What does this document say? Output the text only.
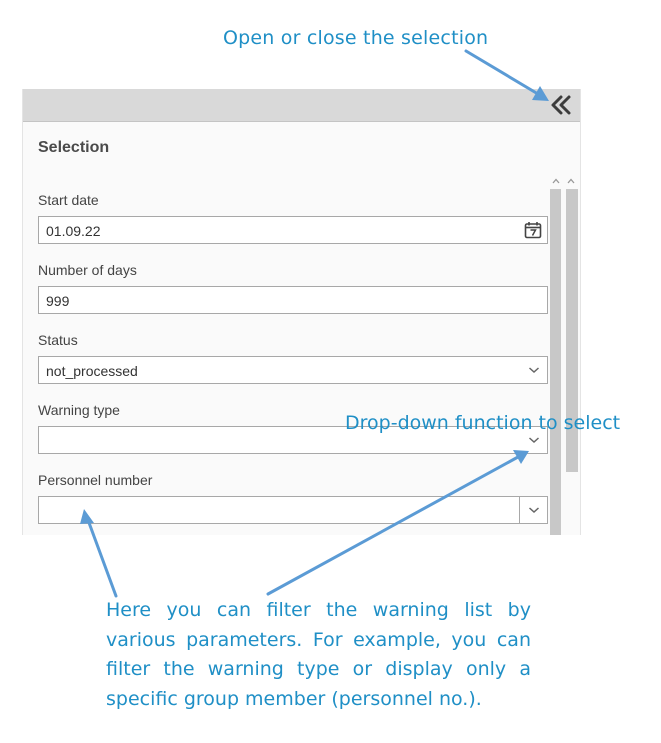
Open or close the selection
Selection
Start date
01.09.22
Number of days
999
Status
not_processed
Warning type
Personnel number
Drop-down function to select
Here you can filter the warning list by various parameters. For example, you can filter the warning type or display only a specific group member (personnel no.).
